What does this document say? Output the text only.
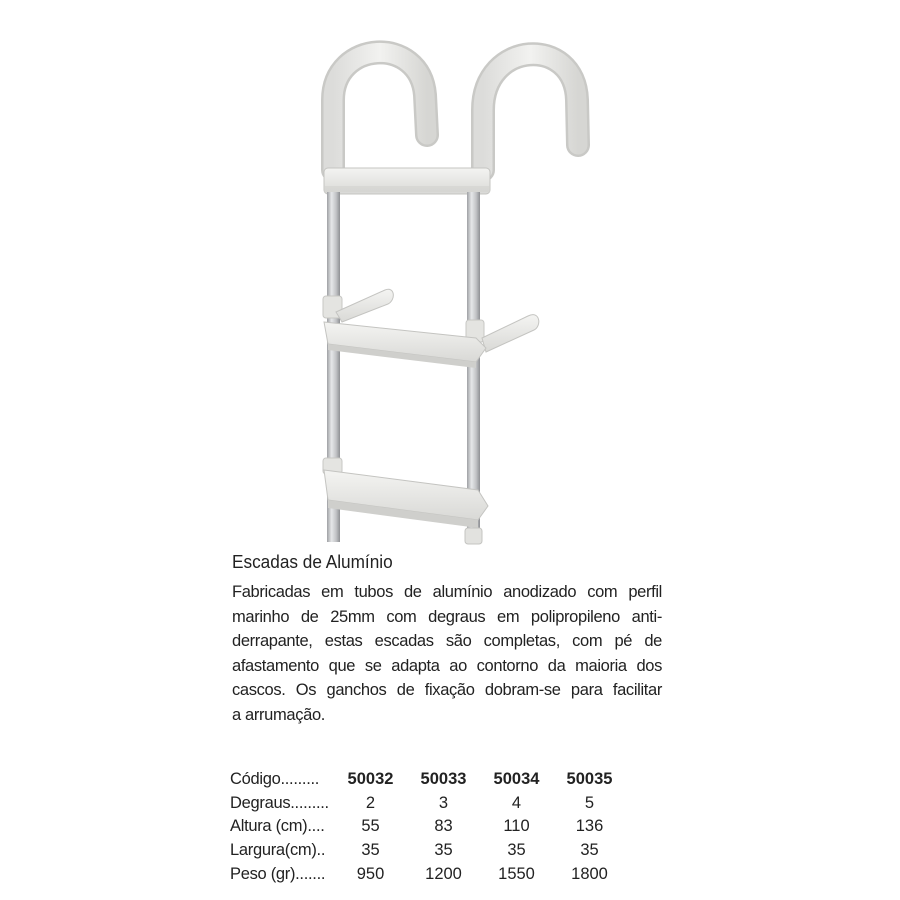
Escadas de Alumínio
Fabricadas em tubos de alumínio anodizado com perfil
marinho de 25mm com degraus em polipropileno anti-
derrapante, estas escadas são completas, com pé de
afastamento que se adapta ao contorno da maioria dos
cascos. Os ganchos de fixação dobram-se para facilitar
a arrumação.
Código.........	50032	50033	50034	50035
Degraus.........	2	3	4	5
Altura (cm)....	55	83	110	136
Largura(cm)..	35	35	35	35
Peso (gr).......	950	1200	1550	1800
